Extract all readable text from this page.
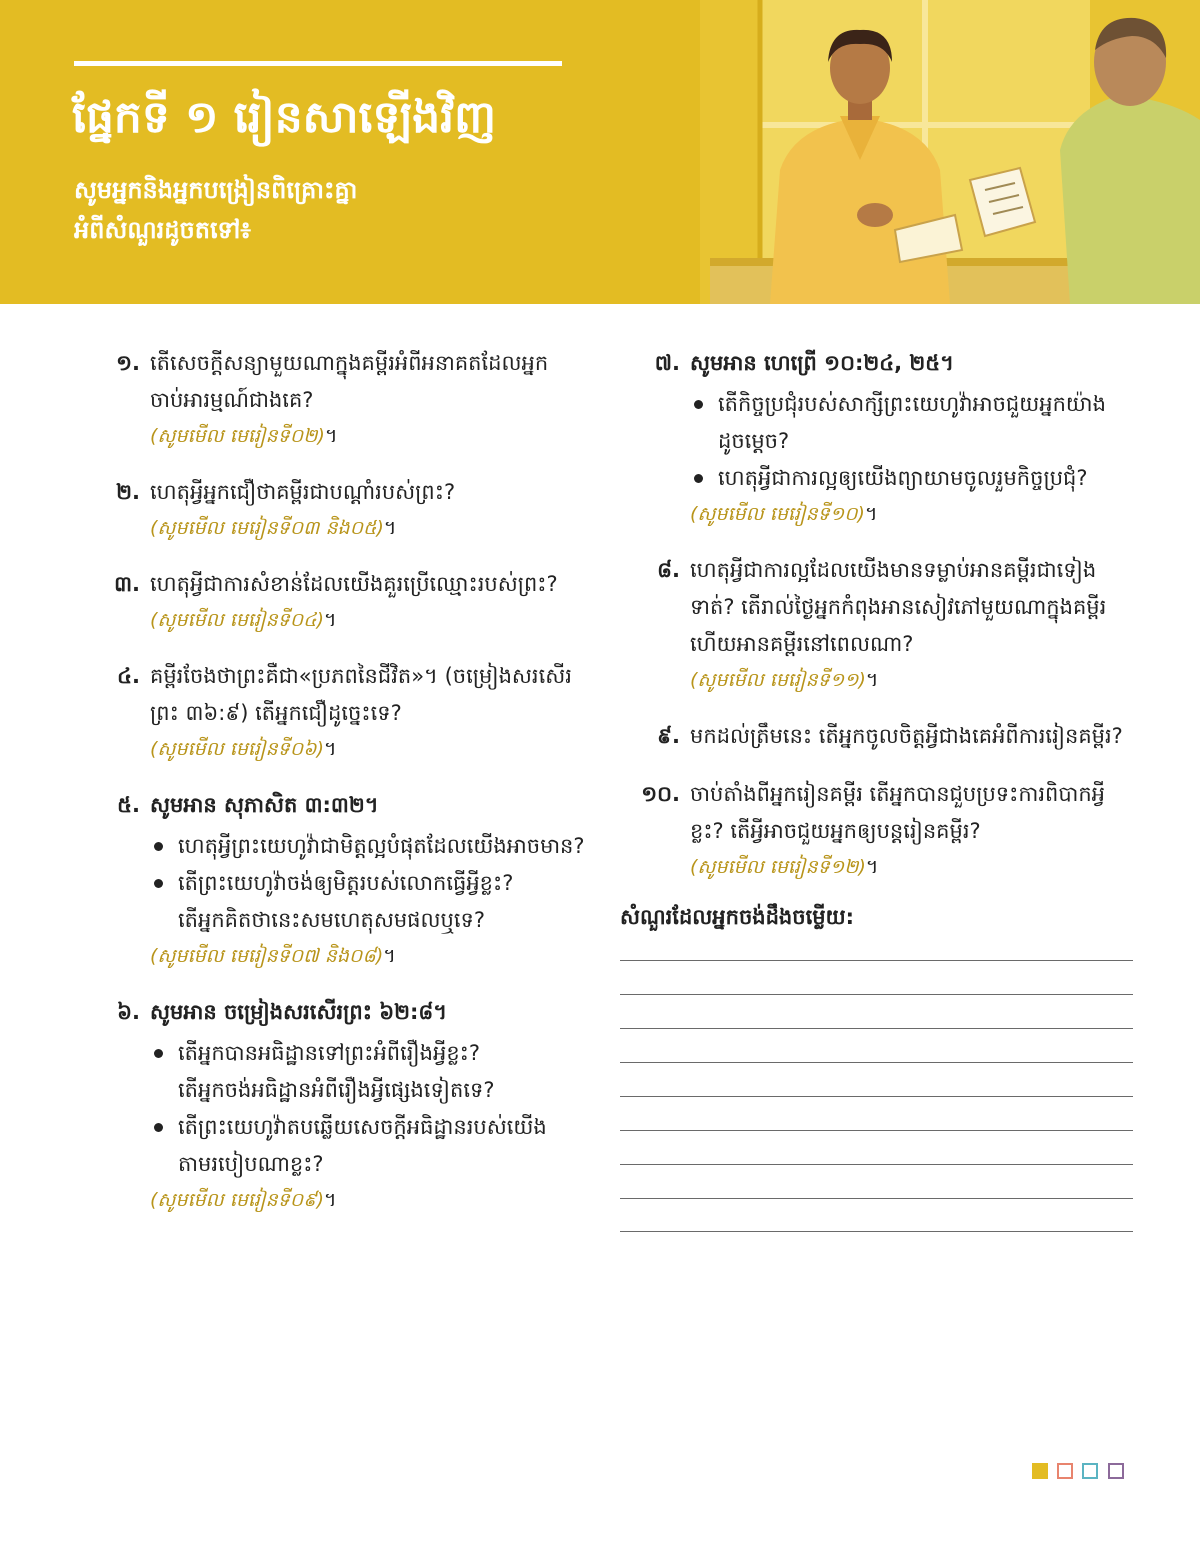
ផ្នែកទី ១ រៀនសាឡើងវិញ
សូមអ្នកនិងអ្នកបង្រៀនពិគ្រោះគ្នា
អំពីសំណួរដូចតទៅ៖
១. តើសេចក្ដីសន្យាមួយណាក្នុងគម្ពីរអំពីអនាគតដែលអ្នក
ចាប់អារម្មណ៍ជាងគេ?
(សូមមើល មេរៀនទី០២)។
២. ហេតុអ្វីអ្នកជឿថាគម្ពីរជាបណ្ដាំរបស់ព្រះ?
(សូមមើល មេរៀនទី០៣ និង០៥)។
៣. ហេតុអ្វីជាការសំខាន់ដែលយើងគួរប្រើឈ្មោះរបស់ព្រះ?
(សូមមើល មេរៀនទី០៤)។
៤. គម្ពីរចែងថាព្រះគឺជា«ប្រភពនៃជីវិត»។ (ចម្រៀងសរសើរ
ព្រះ ៣៦:៩) តើអ្នកជឿដូច្នេះទេ?
(សូមមើល មេរៀនទី០៦)។
៥. សូមអាន សុភាសិត ៣:៣២។
ហេតុអ្វីព្រះយេហូវ៉ាជាមិត្តល្អបំផុតដែលយើងអាចមាន?
តើព្រះយេហូវ៉ាចង់ឲ្យមិត្តរបស់លោកធ្វើអ្វីខ្លះ?
តើអ្នកគិតថានេះសមហេតុសមផលឬទេ?
(សូមមើល មេរៀនទី០៧ និង០៨)។
៦. សូមអាន ចម្រៀងសរសើរព្រះ ៦២:៨។
តើអ្នកបានអធិដ្ឋានទៅព្រះអំពីរឿងអ្វីខ្លះ?
តើអ្នកចង់អធិដ្ឋានអំពីរឿងអ្វីផ្សេងទៀតទេ?
តើព្រះយេហូវ៉ាតបឆ្លើយសេចក្ដីអធិដ្ឋានរបស់យើង
តាមរបៀបណាខ្លះ?
(សូមមើល មេរៀនទី០៩)។
៧. សូមអាន ហេព្រើ ១០:២៤, ២៥។
តើកិច្ចប្រជុំរបស់សាក្សីព្រះយេហូវ៉ាអាចជួយអ្នកយ៉ាង
ដូចម្ដេច?
ហេតុអ្វីជាការល្អឲ្យយើងព្យាយាមចូលរួមកិច្ចប្រជុំ?
(សូមមើល មេរៀនទី១០)។
៨. ហេតុអ្វីជាការល្អដែលយើងមានទម្លាប់អានគម្ពីរជាទៀង
ទាត់? តើរាល់ថ្ងៃអ្នកកំពុងអានសៀវភៅមួយណាក្នុងគម្ពីរ
ហើយអានគម្ពីរនៅពេលណា?
(សូមមើល មេរៀនទី១១)។
៩. មកដល់ត្រឹមនេះ តើអ្នកចូលចិត្តអ្វីជាងគេអំពីការរៀនគម្ពីរ?
១០. ចាប់តាំងពីអ្នករៀនគម្ពីរ តើអ្នកបានជួបប្រទះការពិបាកអ្វី
ខ្លះ? តើអ្វីអាចជួយអ្នកឲ្យបន្តរៀនគម្ពីរ?
(សូមមើល មេរៀនទី១២)។
សំណួរដែលអ្នកចង់ដឹងចម្លើយ:
